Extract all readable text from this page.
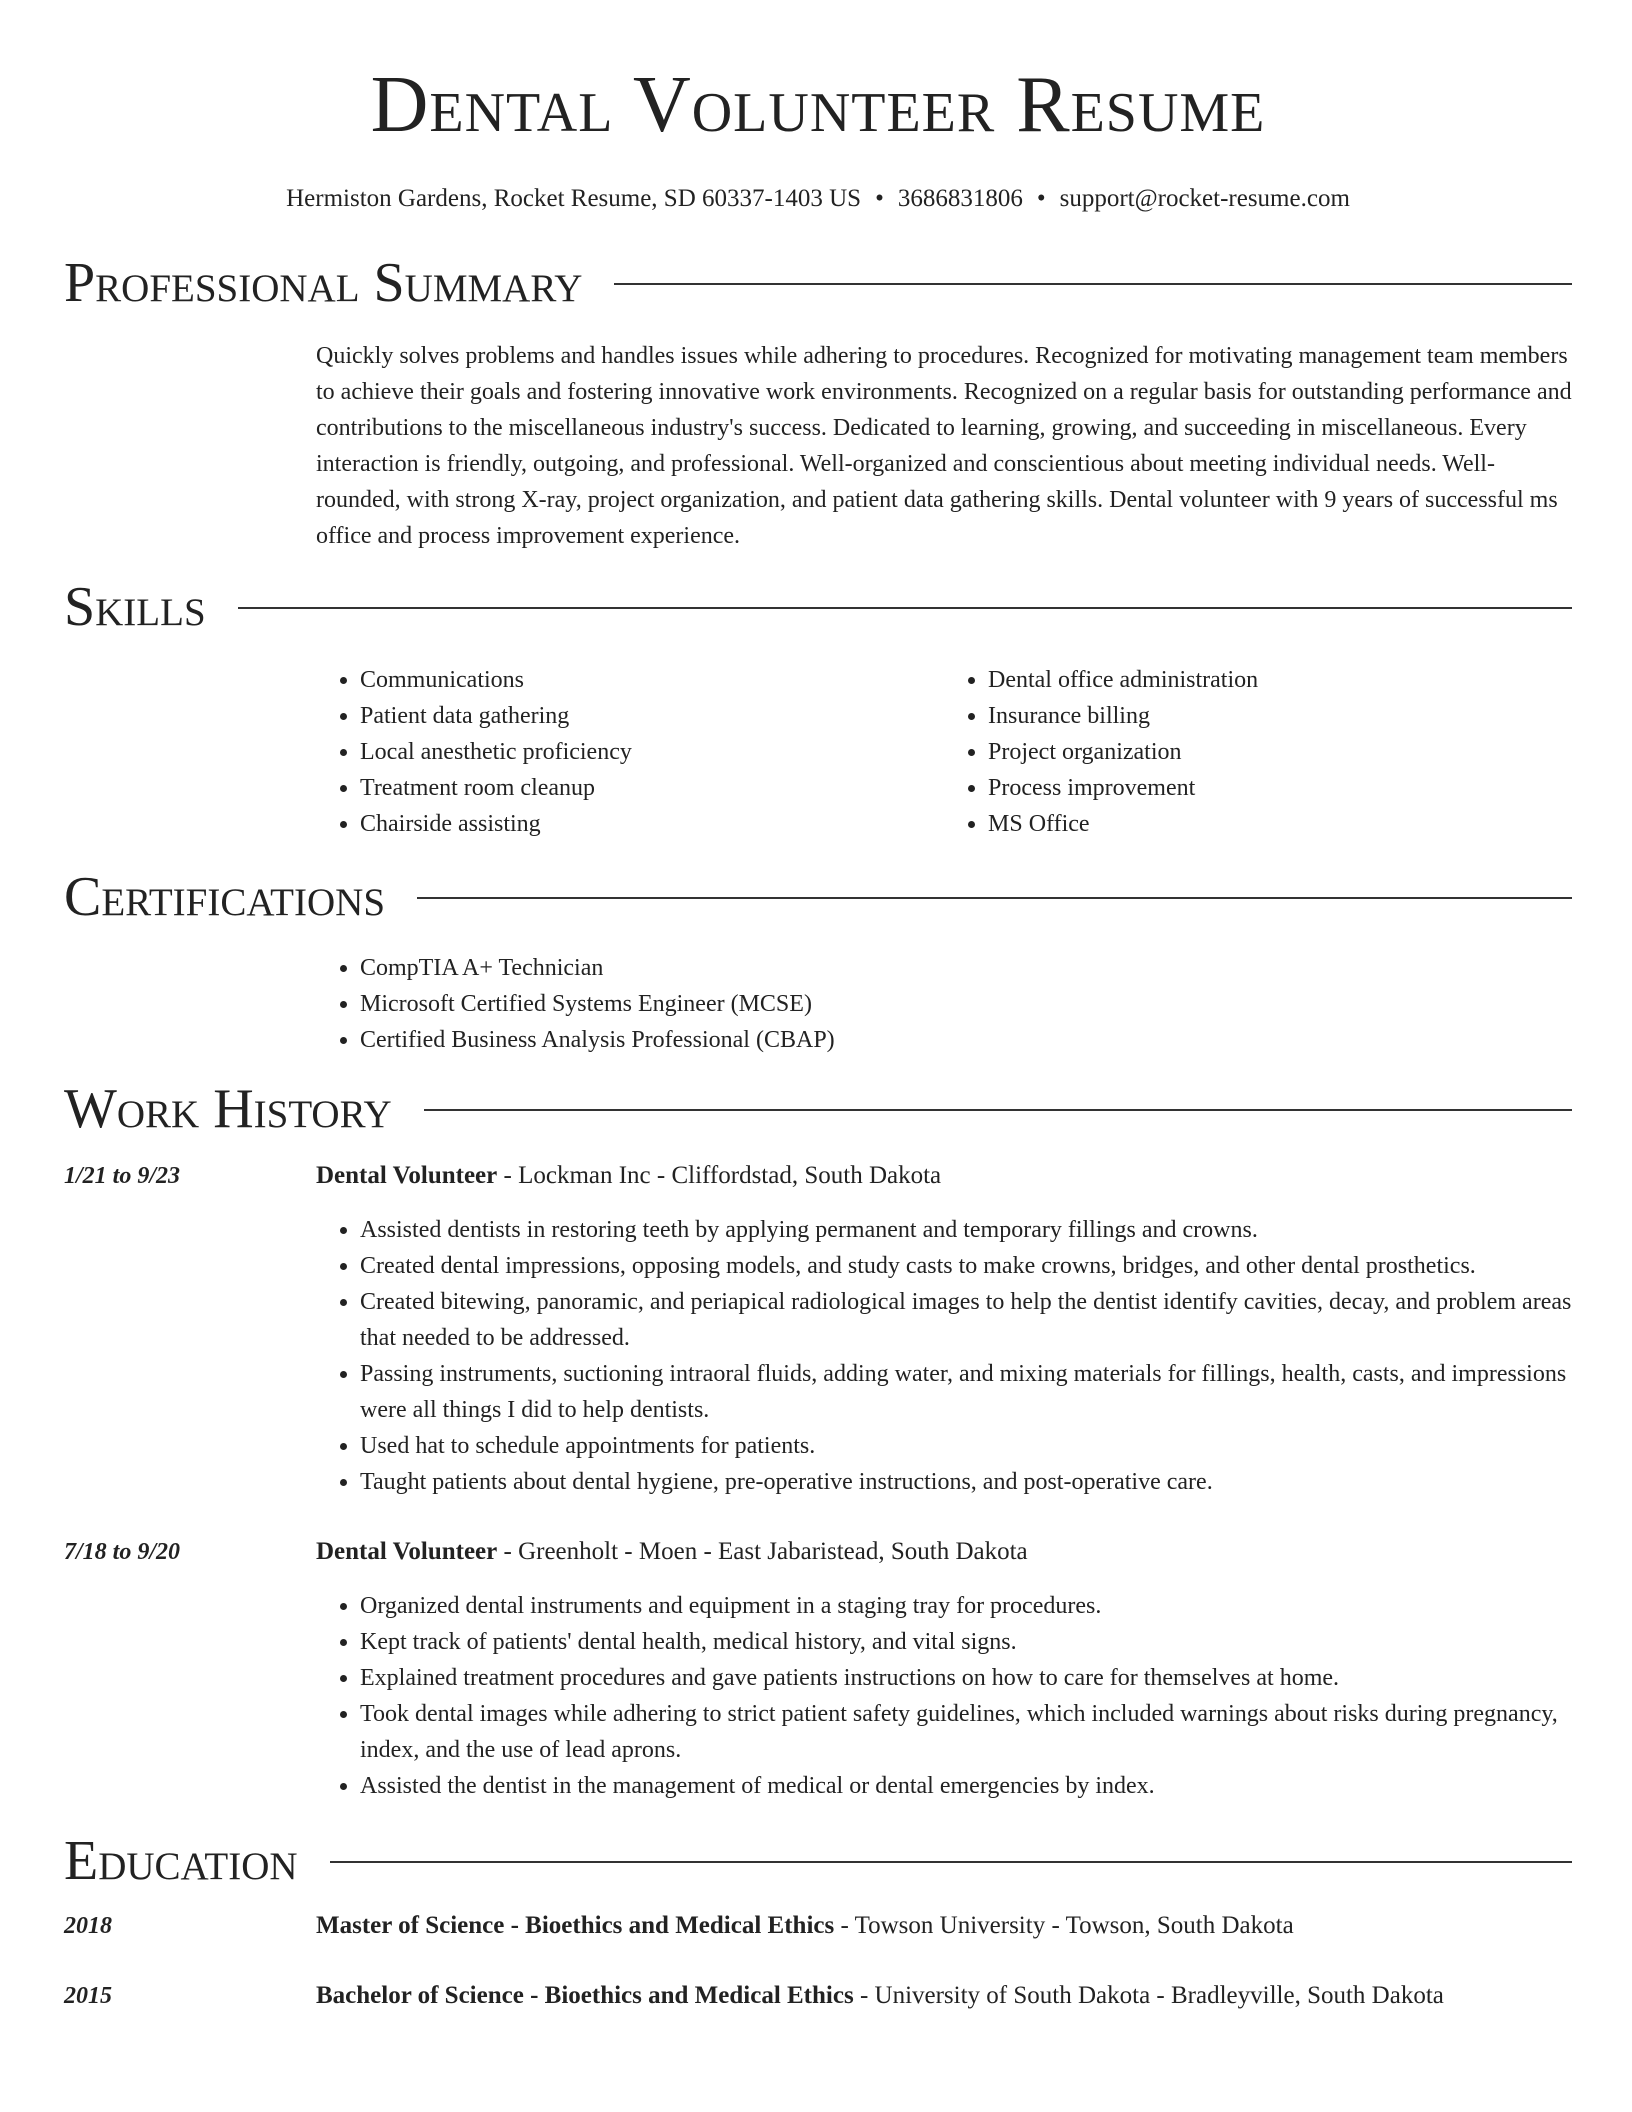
Dental Volunteer Resume
Hermiston Gardens, Rocket Resume, SD 60337-1403 US • 3686831806 • support@rocket-resume.com
Professional Summary

Quickly solves problems and handles issues while adhering to procedures. Recognized for motivating management team members to achieve their goals and fostering innovative work environments. Recognized on a regular basis for outstanding performance and contributions to the miscellaneous industry's success. Dedicated to learning, growing, and succeeding in miscellaneous. Every interaction is friendly, outgoing, and professional. Well-organized and conscientious about meeting individual needs. Well-rounded, with strong X-ray, project organization, and patient data gathering skills. Dental volunteer with 9 years of successful ms office and process improvement experience.

Skills
• Communications
• Patient data gathering
• Local anesthetic proficiency
• Treatment room cleanup
• Chairside assisting
• Dental office administration
• Insurance billing
• Project organization
• Process improvement
• MS Office
Certifications
• CompTIA A+ Technician
• Microsoft Certified Systems Engineer (MCSE)
• Certified Business Analysis Professional (CBAP)
Work History
1/21 to 9/23	Dental Volunteer - Lockman Inc - Cliffordstad, South Dakota
• Assisted dentists in restoring teeth by applying permanent and temporary fillings and crowns.
• Created dental impressions, opposing models, and study casts to make crowns, bridges, and other dental prosthetics.
• Created bitewing, panoramic, and periapical radiological images to help the dentist identify cavities, decay, and problem areas that needed to be addressed.
• Passing instruments, suctioning intraoral fluids, adding water, and mixing materials for fillings, health, casts, and impressions were all things I did to help dentists.
• Used hat to schedule appointments for patients.
• Taught patients about dental hygiene, pre-operative instructions, and post-operative care.
7/18 to 9/20	Dental Volunteer - Greenholt - Moen - East Jabaristead, South Dakota
• Organized dental instruments and equipment in a staging tray for procedures.
• Kept track of patients' dental health, medical history, and vital signs.
• Explained treatment procedures and gave patients instructions on how to care for themselves at home.
• Took dental images while adhering to strict patient safety guidelines, which included warnings about risks during pregnancy, index, and the use of lead aprons.
• Assisted the dentist in the management of medical or dental emergencies by index.
Education
2018	Master of Science - Bioethics and Medical Ethics - Towson University - Towson, South Dakota
2015	Bachelor of Science - Bioethics and Medical Ethics - University of South Dakota - Bradleyville, South Dakota
